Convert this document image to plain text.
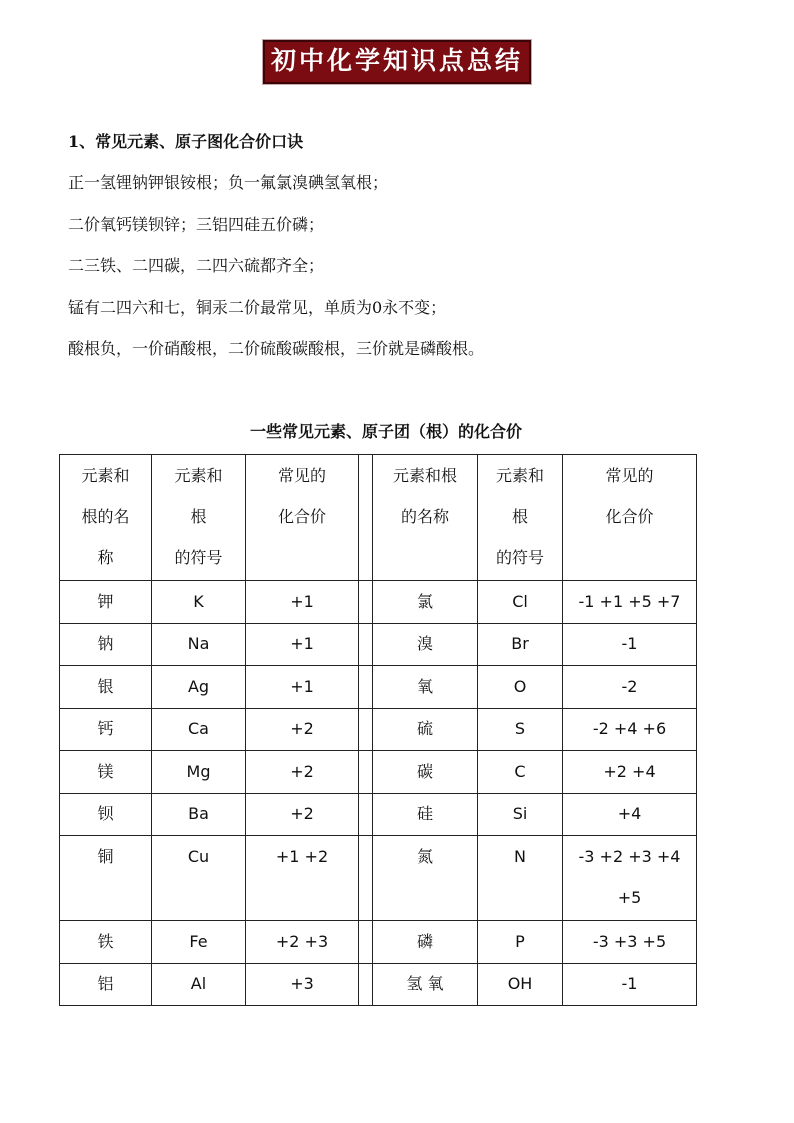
初中化学知识点总结
1、常见元素、原子图化合价口诀
正一氢锂钠钾银铵根；负一氟氯溴碘氢氧根；
二价氧钙镁钡锌；三铝四硅五价磷；
二三铁、二四碳，二四六硫都齐全；
锰有二四六和七，铜汞二价最常见，单质为0永不变；
酸根负，一价硝酸根，二价硫酸碳酸根，三价就是磷酸根。
一些常见元素、原子团（根）的化合价
元素和
根的名
称	元素和
根
的符号	常见的
化合价		元素和根
的名称	元素和
根
的符号	常见的
化合价

钾	K	+1		氯	Cl	-1 +1 +5 +7

钠	Na	+1		溴	Br	-1

银	Ag	+1		氧	O	-2

钙	Ca	+2		硫	S	-2 +4 +6

镁	Mg	+2		碳	C	+2 +4

钡	Ba	+2		硅	Si	+4

铜	Cu	+1 +2		氮	N	-3 +2 +3 +4
+5

铁	Fe	+2 +3		磷	P	-3 +3 +5

铝	Al	+3		氢 氧	OH	-1
